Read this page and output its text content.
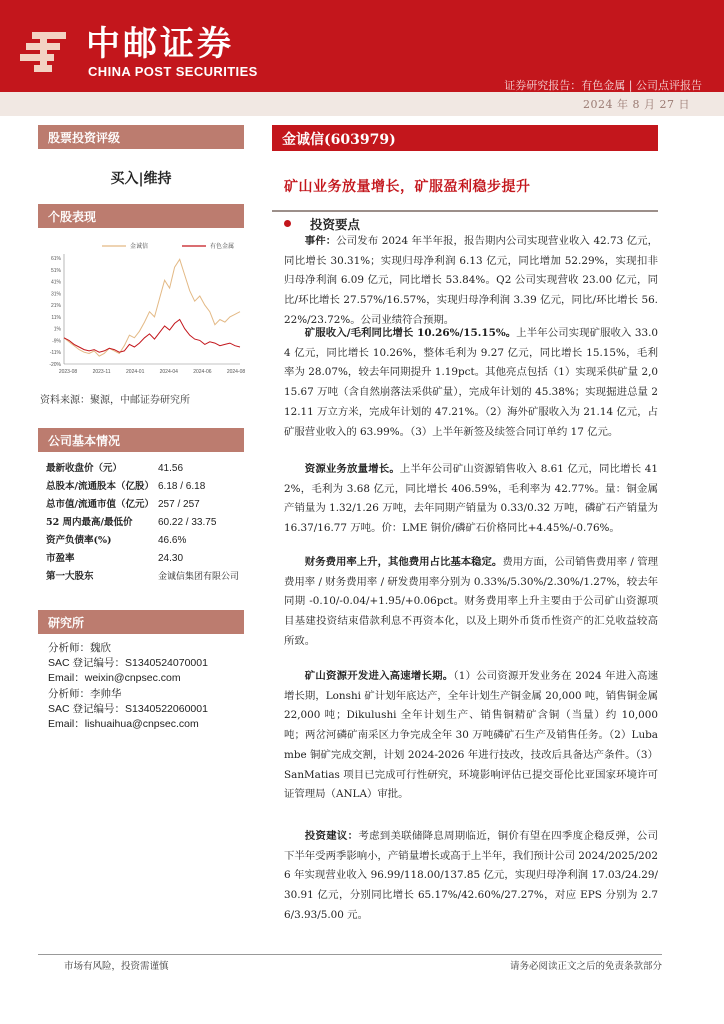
中邮证券
CHINA POST SECURITIES
证券研究报告：有色金属 | 公司点评报告
2024 年 8 月 27 日
股票投资评级
买入|维持
个股表现
61%
51%
41%
31%
21%
11%
1%
-9%
-11%
-20%
2023-08	2023-11	2024-01	2024-04	2024-06	2024-08
金诚信	有色金属
资料来源：聚源，中邮证券研究所
公司基本情况
最新收盘价（元）	41.56
总股本/流通股本（亿股） 6.18 / 6.18
总市值/流通市值（亿元） 257 / 257
52 周内最高/最低价	60.22 / 33.75
资产负债率(%)	46.6%
市盈率	24.30
第一大股东	金诚信集团有限公司
研究所
分析师：魏欣
SAC 登记编号：S1340524070001
Email：weixin@cnpsec.com
分析师：李帅华
SAC 登记编号：S1340522060001
Email：lishuaihua@cnpsec.com
金诚信(603979)
矿山业务放量增长，矿服盈利稳步提升
投资要点

事件：公司发布 2024 年半年报，报告期内公司实现营业收入 42.73 亿元，同比增长 30.31%；实现归母净利润 6.13 亿元，同比增加 52.29%，实现扣非归母净利润 6.09 亿元，同比增长 53.84%。Q2 公司实现营收 23.00 亿元，同比/环比增长 27.57%/16.57%，实现归母净利润 3.39 亿元，同比/环比增长 56.22%/23.72%。公司业绩符合预期。

矿服收入/毛利同比增长 10.26%/15.15%。上半年公司实现矿服收入 33.04 亿元，同比增长 10.26%，整体毛利为 9.27 亿元，同比增长 15.15%，毛利率为 28.07%，较去年同期提升 1.19pct。其他亮点包括（1）实现采供矿量 2,015.67 万吨（含自然崩落法采供矿量），完成年计划的 45.38%；实现掘进总量 212.11 万立方米，完成年计划的 47.21%。（2）海外矿服收入为 21.14 亿元，占矿服营业收入的 63.99%。（3）上半年新签及续签合同订单约 17 亿元。

资源业务放量增长。上半年公司矿山资源销售收入 8.61 亿元，同比增长 412%，毛利为 3.68 亿元，同比增长 406.59%，毛利率为 42.77%。量：铜金属产销量为 1.32/1.26 万吨，去年同期产销量为 0.33/0.32 万吨，磷矿石产销量为 16.37/16.77 万吨。价：LME 铜价/磷矿石价格同比+4.45%/-0.76%。

财务费用率上升，其他费用占比基本稳定。费用方面，公司销售费用率 / 管理费用率 / 财务费用率 / 研发费用率分别为 0.33%/5.30%/2.30%/1.27%，较去年同期 -0.10/-0.04/+1.95/+0.06pct。财务费用率上升主要由于公司矿山资源项目基建投资结束借款利息不再资本化，以及上期外币货币性资产的汇兑收益较高所致。

矿山资源开发进入高速增长期。（1）公司资源开发业务在 2024 年进入高速增长期，Lonshi 矿计划年底达产，全年计划生产铜金属 20,000 吨，销售铜金属 22,000 吨；Dikulushi 全年计划生产、销售铜精矿含铜（当量）约 10,000 吨；两岔河磷矿南采区力争完成全年 30 万吨磷矿石生产及销售任务。（2）Lubambe 铜矿完成交割，计划 2024-2026 年进行技改，技改后具备达产条件。（3）SanMatias 项目已完成可行性研究，环境影响评估已提交哥伦比亚国家环境许可证管理局（ANLA）审批。

投资建议：考虑到美联储降息周期临近，铜价有望在四季度企稳反弹，公司下半年受两季影响小，产销量增长或高于上半年，我们预计公司 2024/2025/2026 年实现营业收入 96.99/118.00/137.85 亿元，实现归母净利润 17.03/24.29/30.91 亿元，分别同比增长 65.17%/42.60%/27.27%，对应 EPS 分别为 2.76/3.93/5.00 元。

市场有风险，投资需谨慎	请务必阅读正文之后的免责条款部分
